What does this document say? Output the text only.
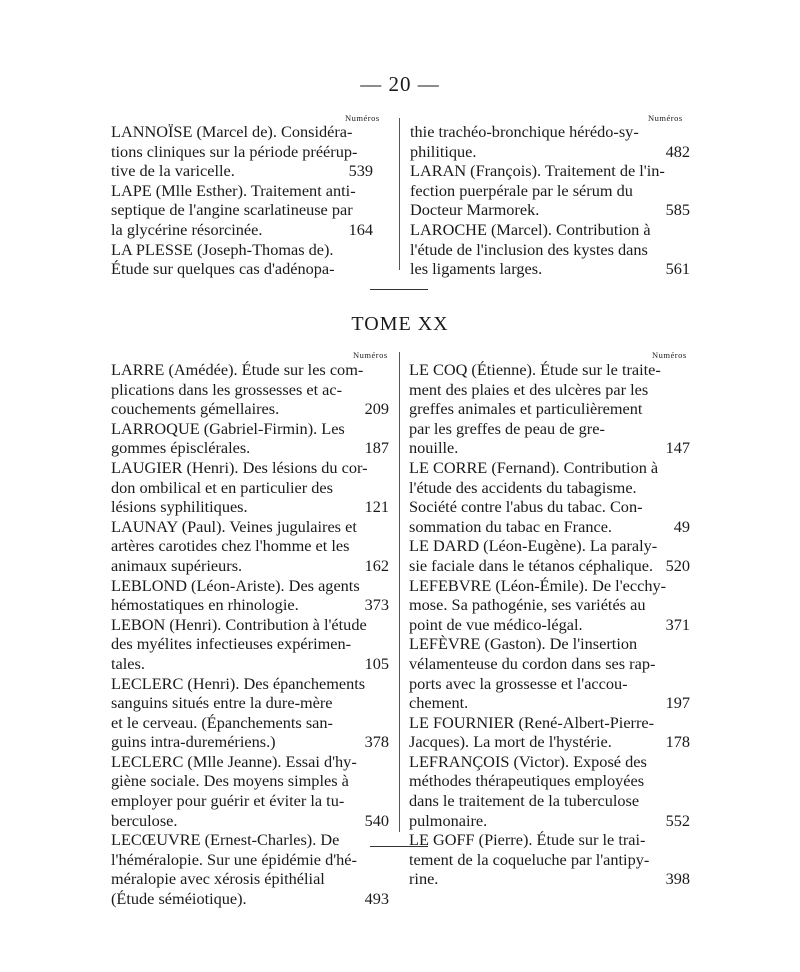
— 20 —
Numéros	Numéros
LANNOÏSE (Marcel de). Considéra-
tions cliniques sur la période préérup-
tive de la varicelle.	539
LAPE (Mlle Esther). Traitement anti-
septique de l'angine scarlatineuse par
la glycérine résorcinée.	164
LA PLESSE (Joseph-Thomas de).
Étude sur quelques cas d'adénopa-
thie trachéo-bronchique hérédo-sy-
philitique.	482
LARAN (François). Traitement de l'in-
fection puerpérale par le sérum du
Docteur Marmorek.	585
LAROCHE (Marcel). Contribution à
l'étude de l'inclusion des kystes dans
les ligaments larges.	561
TOME XX
Numéros	Numéros
LARRE (Amédée). Étude sur les com-
plications dans les grossesses et ac-
couchements gémellaires.	209
LARROQUE (Gabriel-Firmin). Les
gommes épisclérales.	187
LAUGIER (Henri). Des lésions du cor-
don ombilical et en particulier des
lésions syphilitiques.	121
LAUNAY (Paul). Veines jugulaires et
artères carotides chez l'homme et les
animaux supérieurs.	162
LEBLOND (Léon-Ariste). Des agents
hémostatiques en rhinologie.	373
LEBON (Henri). Contribution à l'étude
des myélites infectieuses expérimen-
tales.	105
LECLERC (Henri). Des épanchements
sanguins situés entre la dure-mère
et le cerveau. (Épanchements san-
guins intra-duremériens.)	378
LECLERC (Mlle Jeanne). Essai d'hy-
giène sociale. Des moyens simples à
employer pour guérir et éviter la tu-
berculose.	540
LECŒUVRE (Ernest-Charles). De
l'héméralopie. Sur une épidémie d'hé-
méralopie avec xérosis épithélial
(Étude séméiotique).	493
LE COQ (Étienne). Étude sur le traite-
ment des plaies et des ulcères par les
greffes animales et particulièrement
par les greffes de peau de gre-
nouille.	147
LE CORRE (Fernand). Contribution à
l'étude des accidents du tabagisme.
Société contre l'abus du tabac. Con-
sommation du tabac en France.	49
LE DARD (Léon-Eugène). La paraly-
sie faciale dans le tétanos céphalique. 520
LEFEBVRE (Léon-Émile). De l'ecchy-
mose. Sa pathogénie, ses variétés au
point de vue médico-légal.	371
LEFÈVRE (Gaston). De l'insertion
vélamenteuse du cordon dans ses rap-
ports avec la grossesse et l'accou-
chement.	197
LE FOURNIER (René-Albert-Pierre-
Jacques). La mort de l'hystérie.	178
LEFRANÇOIS (Victor). Exposé des
méthodes thérapeutiques employées
dans le traitement de la tuberculose
pulmonaire.	552
LE GOFF (Pierre). Étude sur le trai-
tement de la coqueluche par l'antipy-
rine.	398
